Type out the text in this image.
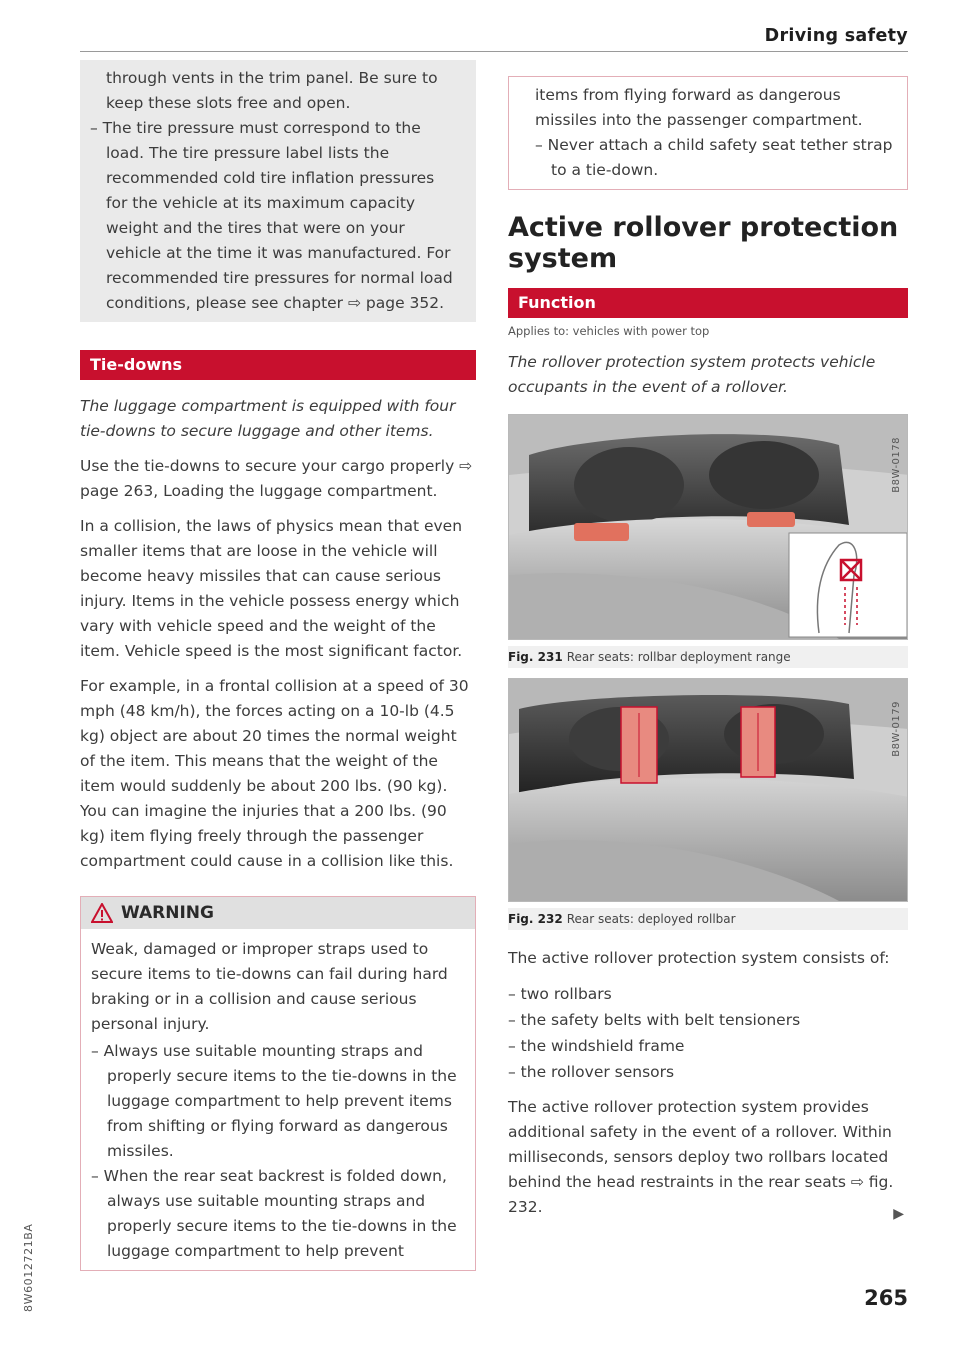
Driving safety
8W6012721BA

through vents in the trim panel. Be sure to keep these slots free and open.

– The tire pressure must correspond to the load. The tire pressure label lists the recommended cold tire inflation pressures for the vehicle at its maximum capacity weight and the tires that were on your vehicle at the time it was manufactured. For recommended tire pressures for normal load conditions, please see chapter ⇨ page 352.
Tie-downs

The luggage compartment is equipped with four tie-downs to secure luggage and other items.

Use the tie-downs to secure your cargo properly ⇨ page 263, Loading the luggage compartment.

In a collision, the laws of physics mean that even smaller items that are loose in the vehicle will become heavy missiles that can cause serious injury. Items in the vehicle possess energy which vary with vehicle speed and the weight of the item. Vehicle speed is the most significant factor.

For example, in a frontal collision at a speed of 30 mph (48 km/h), the forces acting on a 10-lb (4.5 kg) object are about 20 times the normal weight of the item. This means that the weight of the item would suddenly be about 200 lbs. (90 kg). You can imagine the injuries that a 200 lbs. (90 kg) item flying freely through the passenger compartment could cause in a collision like this.

WARNING

Weak, damaged or improper straps used to secure items to tie-downs can fail during hard braking or in a collision and cause serious personal injury.

– Always use suitable mounting straps and properly secure items to the tie-downs in the luggage compartment to help prevent items from shifting or flying forward as dangerous missiles.
– When the rear seat backrest is folded down, always use suitable mounting straps and properly secure items to the tie-downs in the luggage compartment to help prevent

items from flying forward as dangerous missiles into the passenger compartment.

– Never attach a child safety seat tether strap to a tie-down.
Active rollover protection system
Function
Applies to: vehicles with power top

The rollover protection system protects vehicle occupants in the event of a rollover.

B8W-0178
Fig. 231 Rear seats: rollbar deployment range
B8W-0179
Fig. 232 Rear seats: deployed rollbar

The active rollover protection system consists of:

– two rollbars
– the safety belts with belt tensioners
– the windshield frame
– the rollover sensors

The active rollover protection system provides additional safety in the event of a rollover. Within milliseconds, sensors deploy two rollbars located behind the head restraints in the rear seats ⇨ fig. 232.	▶
265
